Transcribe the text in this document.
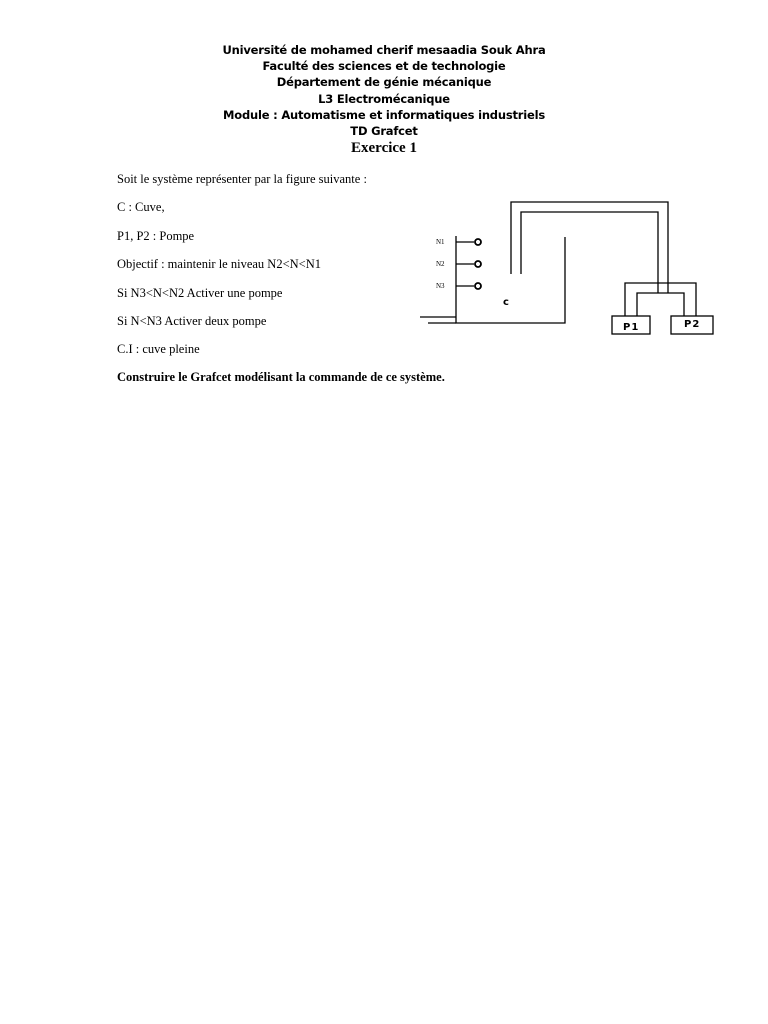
Université de mohamed cherif mesaadia Souk Ahra
Faculté des sciences et de technologie
Département de génie mécanique
L3 Electromécanique
Module : Automatisme et informatiques industriels
TD Grafcet
Exercice 1
Soit le système représenter par la figure suivante :
C : Cuve,
P1, P2 : Pompe
Objectif : maintenir le niveau N2<N<N1
Si N3<N<N2 Activer une pompe
Si N<N3 Activer deux pompe
C.I : cuve pleine
Construire le Grafcet modélisant la commande de ce système.
N1
N2
N3
c
P1	P2
